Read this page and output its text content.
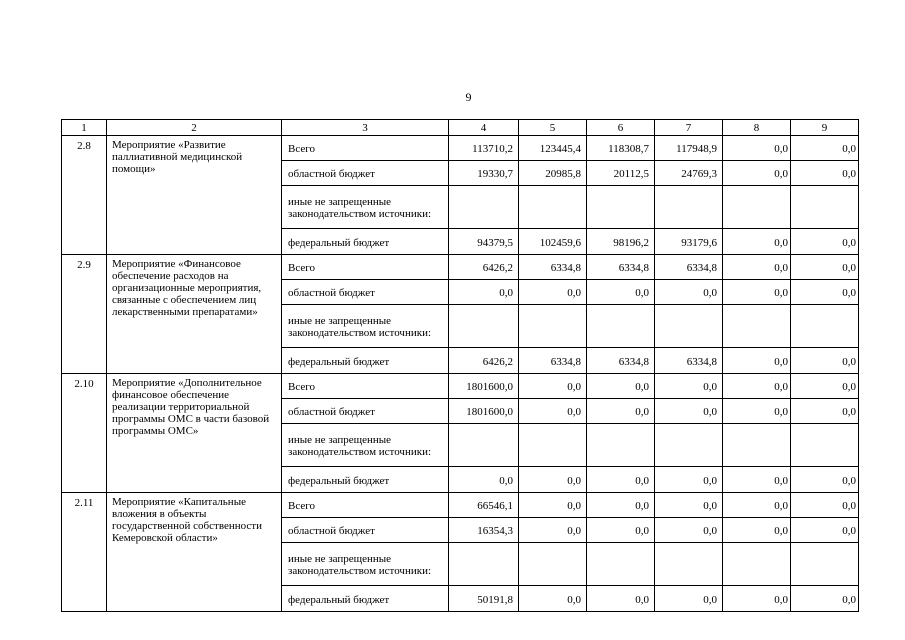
9
1	2	3	4	5	6	7	8	9
2.8	Мероприятие «Развитие паллиативной медицинской помощи»	Всего	113710,2	123445,4	118308,7	117948,9	0,0	0,0
		областной бюджет	19330,7	20985,8	20112,5	24769,3	0,0	0,0
		иные не запрещенные законодательством источники:						
		федеральный бюджет	94379,5	102459,6	98196,2	93179,6	0,0	0,0
2.9	Мероприятие «Финансовое обеспечение расходов на организационные мероприятия, связанные с обеспечением лиц лекарственными препаратами»	Всего	6426,2	6334,8	6334,8	6334,8	0,0	0,0
		областной бюджет	0,0	0,0	0,0	0,0	0,0	0,0
		иные не запрещенные законодательством источники:						
		федеральный бюджет	6426,2	6334,8	6334,8	6334,8	0,0	0,0
2.10	Мероприятие «Дополнительное финансовое обеспечение реализации территориальной программы ОМС в части базовой программы ОМС»	Всего	1801600,0	0,0	0,0	0,0	0,0	0,0
		областной бюджет	1801600,0	0,0	0,0	0,0	0,0	0,0
		иные не запрещенные законодательством источники:						
		федеральный бюджет	0,0	0,0	0,0	0,0	0,0	0,0
2.11	Мероприятие «Капитальные вложения в объекты государственной собственности Кемеровской области»	Всего	66546,1	0,0	0,0	0,0	0,0	0,0
		областной бюджет	16354,3	0,0	0,0	0,0	0,0	0,0
		иные не запрещенные законодательством источники:						
		федеральный бюджет	50191,8	0,0	0,0	0,0	0,0	0,0
